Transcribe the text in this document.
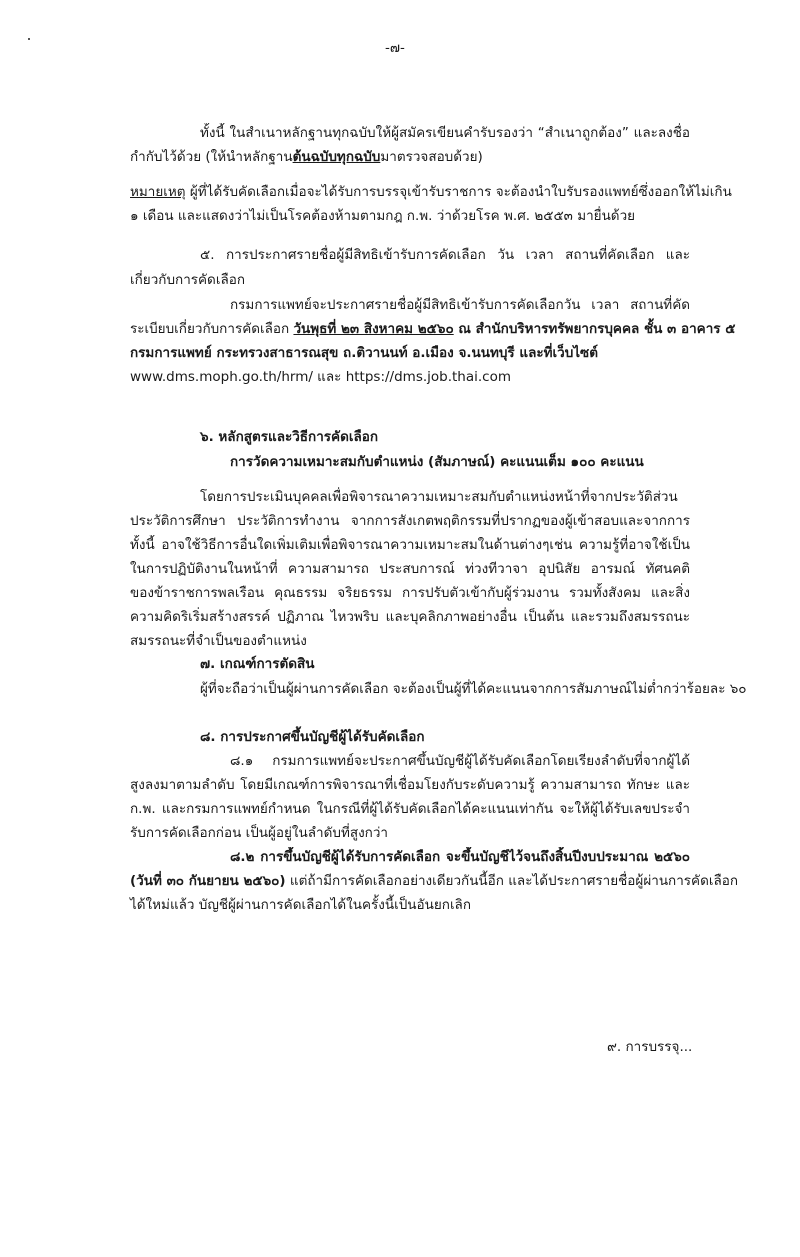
-๗-
ทั้งนี้ ในสำเนาหลักฐานทุกฉบับให้ผู้สมัครเขียนคำรับรองว่า “สำเนาถูกต้อง” และลงชื่อ
กำกับไว้ด้วย (ให้นำหลักฐานต้นฉบับทุกฉบับมาตรวจสอบด้วย)
หมายเหตุ ผู้ที่ได้รับคัดเลือกเมื่อจะได้รับการบรรจุเข้ารับราชการ จะต้องนำใบรับรองแพทย์ซึ่งออกให้ไม่เกิน
๑ เดือน และแสดงว่าไม่เป็นโรคต้องห้ามตามกฎ ก.พ. ว่าด้วยโรค พ.ศ. ๒๕๕๓ มายื่นด้วย
๕. การประกาศรายชื่อผู้มีสิทธิเข้ารับการคัดเลือก วัน เวลา สถานที่คัดเลือก และ
เกี่ยวกับการคัดเลือก
กรมการแพทย์จะประกาศรายชื่อผู้มีสิทธิเข้ารับการคัดเลือกวัน เวลา สถานที่คัด
ระเบียบเกี่ยวกับการคัดเลือก วันพุธที่ ๒๓ สิงหาคม ๒๕๖๐ ณ สำนักบริหารทรัพยากรบุคคล ชั้น ๓ อาคาร ๕
กรมการแพทย์ กระทรวงสาธารณสุข ถ.ติวานนท์ อ.เมือง จ.นนทบุรี และที่เว็บไซต์
www.dms.moph.go.th/hrm/ และ https://dms.job.thai.com
๖. หลักสูตรและวิธีการคัดเลือก
การวัดความเหมาะสมกับตำแหน่ง (สัมภาษณ์) คะแนนเต็ม ๑๐๐ คะแนน
โดยการประเมินบุคคลเพื่อพิจารณาความเหมาะสมกับตำแหน่งหน้าที่จากประวัติส่วน
ประวัติการศึกษา ประวัติการทำงาน จากการสังเกตพฤติกรรมที่ปรากฏของผู้เข้าสอบและจากการ
ทั้งนี้ อาจใช้วิธีการอื่นใดเพิ่มเติมเพื่อพิจารณาความเหมาะสมในด้านต่างๆเช่น ความรู้ที่อาจใช้เป็น
ในการปฏิบัติงานในหน้าที่ ความสามารถ ประสบการณ์ ท่วงทีวาจา อุปนิสัย อารมณ์ ทัศนคติ
ของข้าราชการพลเรือน คุณธรรม จริยธรรม การปรับตัวเข้ากับผู้ร่วมงาน รวมทั้งสังคม และสิ่ง
ความคิดริเริ่มสร้างสรรค์ ปฏิภาณ ไหวพริบ และบุคลิกภาพอย่างอื่น เป็นต้น และรวมถึงสมรรถนะ
สมรรถนะที่จำเป็นของตำแหน่ง
๗. เกณฑ์การตัดสิน
ผู้ที่จะถือว่าเป็นผู้ผ่านการคัดเลือก จะต้องเป็นผู้ที่ได้คะแนนจากการสัมภาษณ์ไม่ต่ำกว่าร้อยละ ๖๐
๘. การประกาศขึ้นบัญชีผู้ได้รับคัดเลือก
๘.๑ กรมการแพทย์จะประกาศขึ้นบัญชีผู้ได้รับคัดเลือกโดยเรียงลำดับที่จากผู้ได้
สูงลงมาตามลำดับ โดยมีเกณฑ์การพิจารณาที่เชื่อมโยงกับระดับความรู้ ความสามารถ ทักษะ และ
ก.พ. และกรมการแพทย์กำหนด ในกรณีที่ผู้ได้รับคัดเลือกได้คะแนนเท่ากัน จะให้ผู้ได้รับเลขประจำ
รับการคัดเลือกก่อน เป็นผู้อยู่ในลำดับที่สูงกว่า
๘.๒ การขึ้นบัญชีผู้ได้รับการคัดเลือก จะขึ้นบัญชีไว้จนถึงสิ้นปีงบประมาณ ๒๕๖๐
(วันที่ ๓๐ กันยายน ๒๕๖๐) แต่ถ้ามีการคัดเลือกอย่างเดียวกันนี้อีก และได้ประกาศรายชื่อผู้ผ่านการคัดเลือก
ได้ใหม่แล้ว บัญชีผู้ผ่านการคัดเลือกได้ในครั้งนี้เป็นอันยกเลิก
๙. การบรรจุ...
